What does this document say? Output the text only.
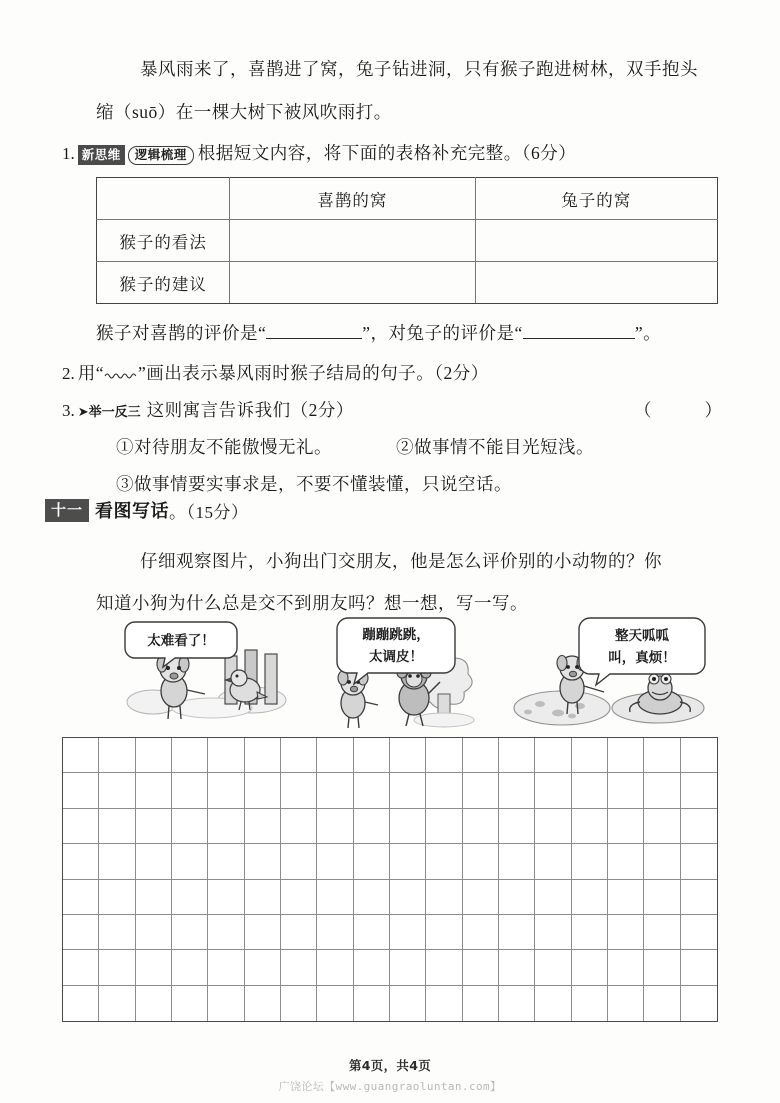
暴风雨来了，喜鹊进了窝，兔子钻进洞，只有猴子跑进树林，双手抱头
缩（suō）在一棵大树下被风吹雨打。
1. 新思维	逻辑梳理 根据短文内容，将下面的表格补充完整。（6分）
	喜鹊的窝	兔子的窝
猴子的看法		
猴子的建议		
猴子对喜鹊的评价是“	”，对兔子的评价是“	”。
2. 用“ ”画出表示暴风雨时猴子结局的句子。（2分）
3. ➤ 举一反三 这则寓言告诉我们（2分）	（　　）
①对待朋友不能傲慢无礼。	②做事情不能目光短浅。
③做事情要实事求是，不要不懂装懂，只说空话。
十一 看图写话 。（15分）
仔细观察图片，小狗出门交朋友，他是怎么评价别的小动物的？你
知道小狗为什么总是交不到朋友吗？想一想，写一写。
太难看了！	蹦蹦跳跳，
太调皮！
整天呱呱
叫，真烦！
第4页，共4页
广饶论坛【www.guangraoluntan.com】
